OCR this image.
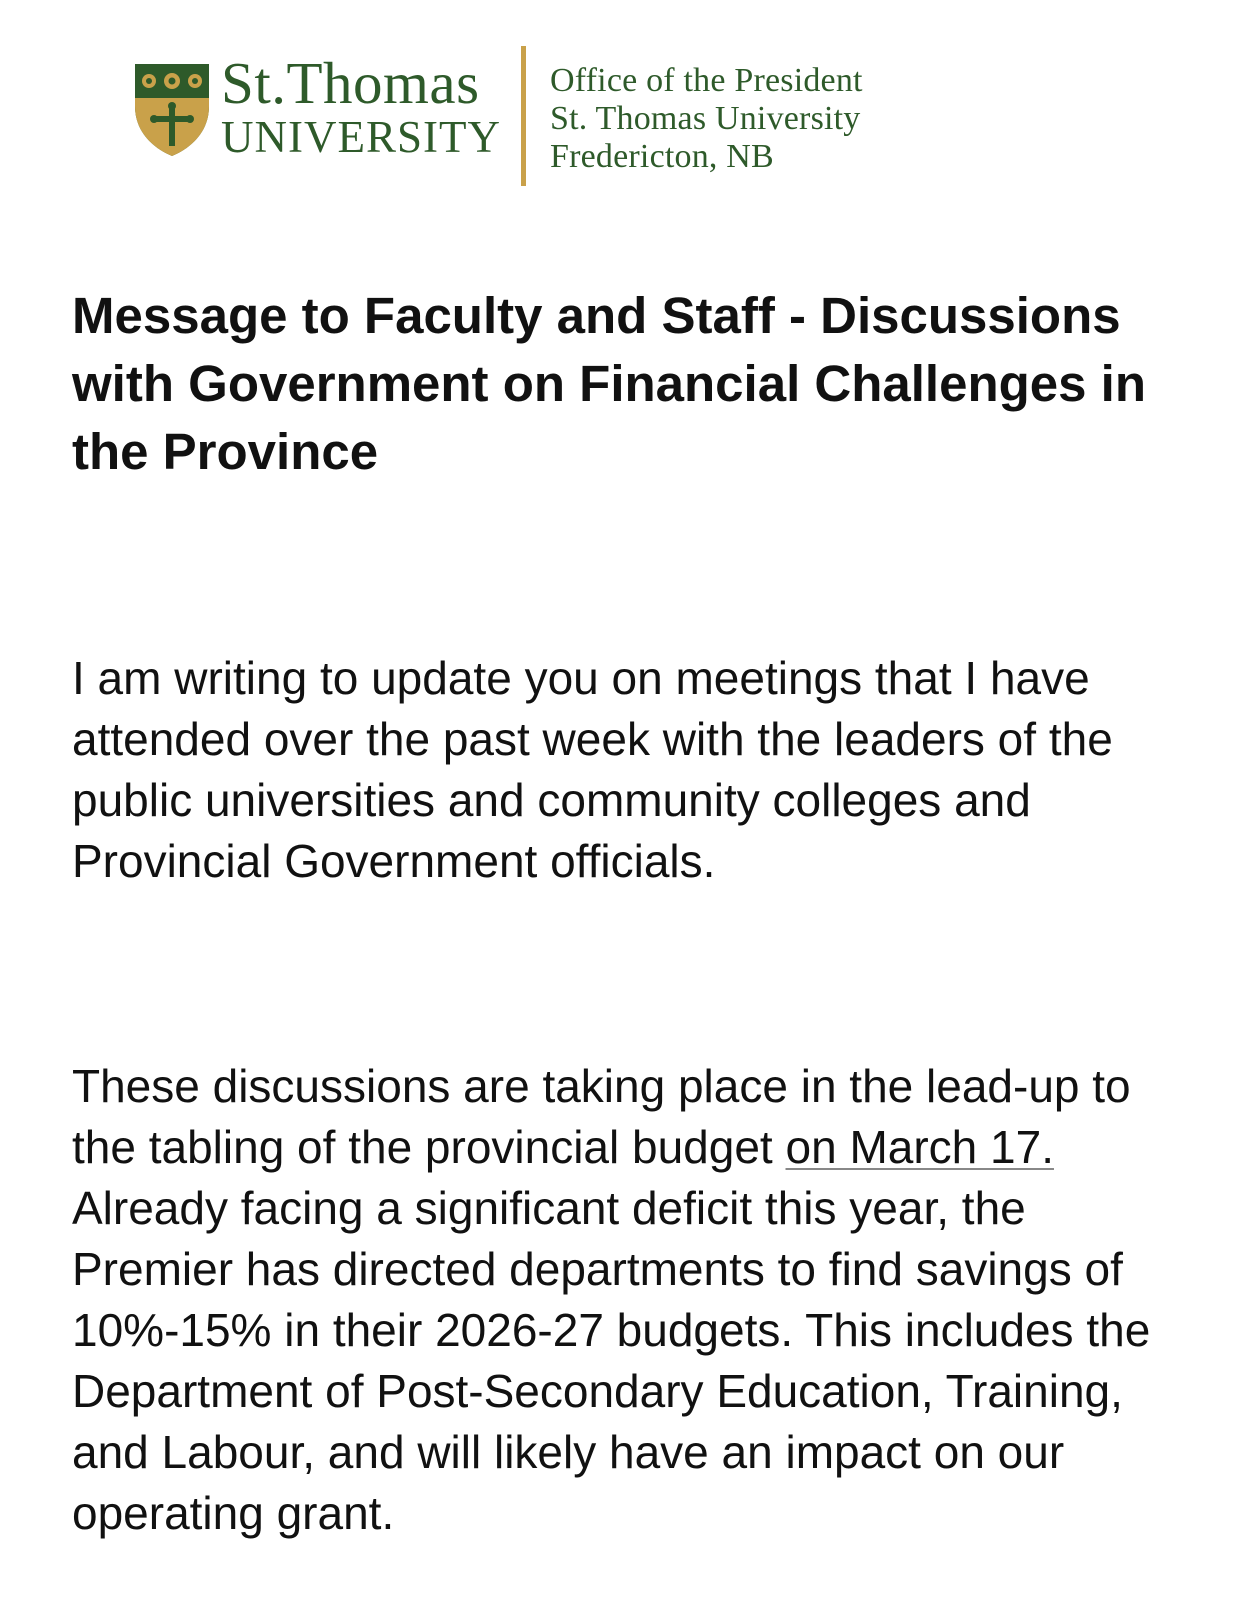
St.Thomas
UNIVERSITY
Office of the President
St. Thomas University
Fredericton, NB
Message to Faculty and Staff - Discussions with Government on Financial Challenges in the Province
I am writing to update you on meetings that I have attended over the past week with the leaders of the public universities and community colleges and Provincial Government officials.
These discussions are taking place in the lead-up to the tabling of the provincial budget on March 17. Already facing a significant deficit this year, the Premier has directed departments to find savings of 10%-15% in their 2026-27 budgets. This includes the Department of Post-Secondary Education, Training, and Labour, and will likely have an impact on our operating grant.
